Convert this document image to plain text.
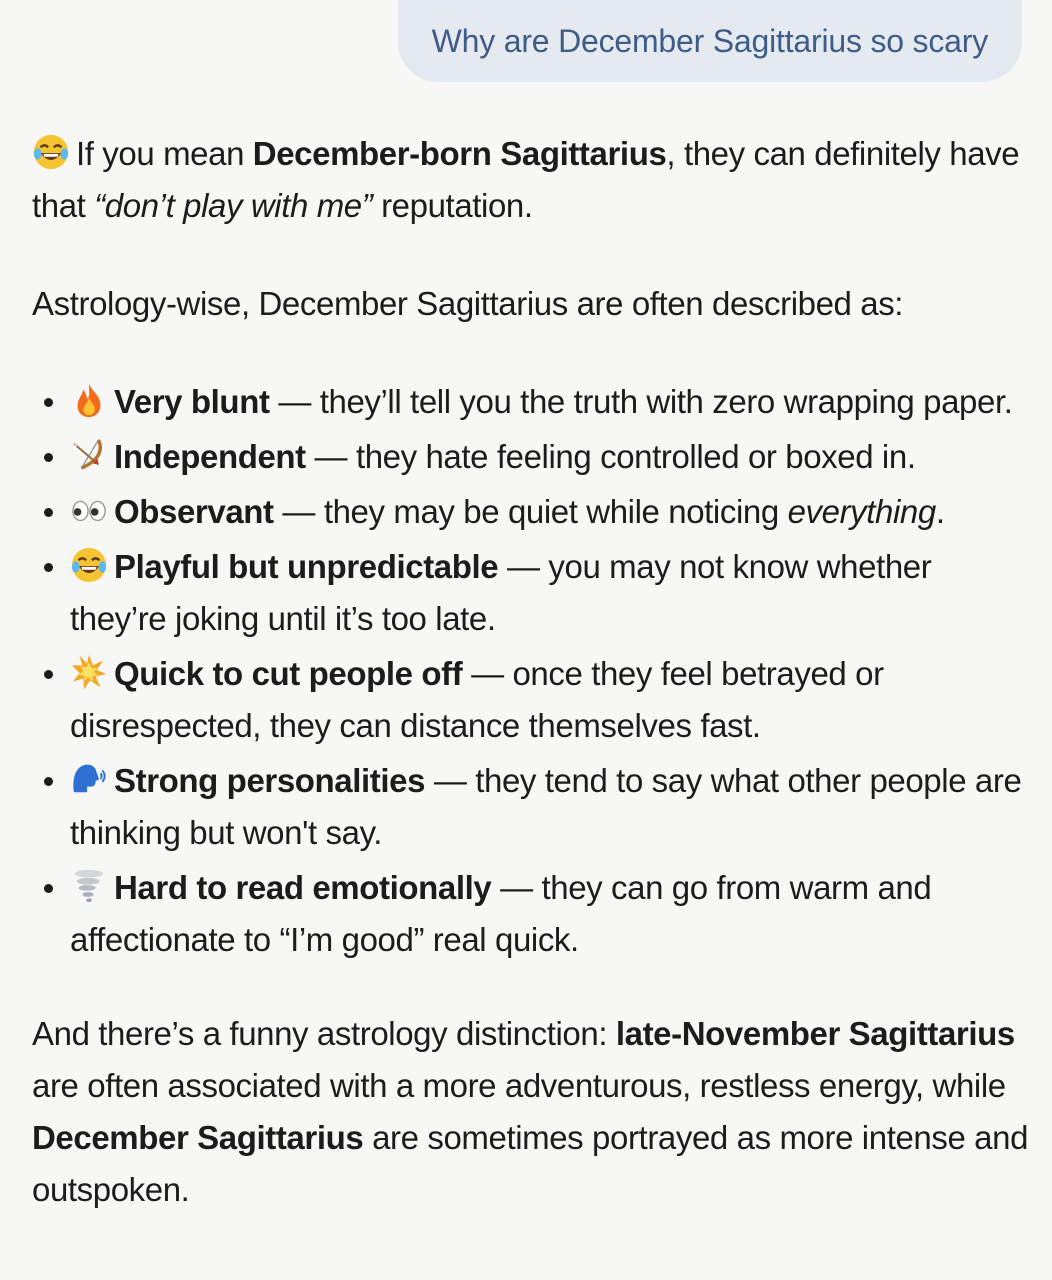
Why are December Sagittarius so scary

If you mean December-born Sagittarius, they can definitely have that “don’t play with me” reputation.

Astrology-wise, December Sagittarius are often described as:

Very blunt — they’ll tell you the truth with zero wrapping paper.
Independent — they hate feeling controlled or boxed in.
Observant — they may be quiet while noticing everything.
Playful but unpredictable — you may not know whether they’re joking until it’s too late.
Quick to cut people off — once they feel betrayed or disrespected, they can distance themselves fast.
Strong personalities — they tend to say what other people are thinking but won't say.
Hard to read emotionally — they can go from warm and affectionate to “I’m good” real quick.

And there’s a funny astrology distinction: late-November Sagittarius are often associated with a more adventurous, restless energy, while December Sagittarius are sometimes portrayed as more intense and outspoken.
